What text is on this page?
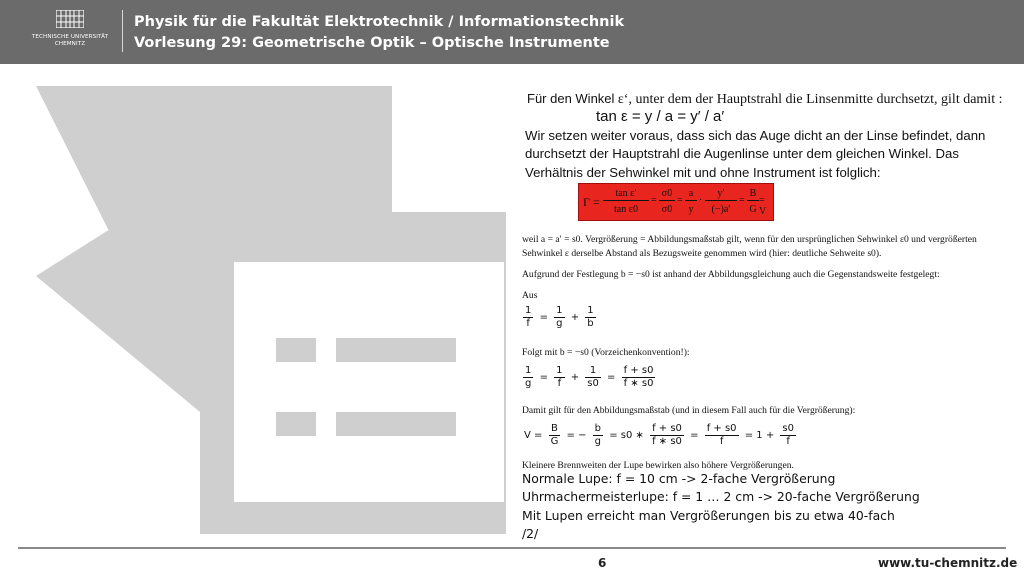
TECHNISCHE UNIVERSITÄT
CHEMNITZ
Physik für die Fakultät Elektrotechnik / Informationstechnik
Vorlesung 29: Geometrische Optik – Optische Instrumente
Für den Winkel ε‘, unter dem der Hauptstrahl die Linsenmitte durchsetzt, gilt damit :
tan ε = y / a = y′ / a′
Wir setzen weiter voraus, dass sich das Auge dicht an der Linse befindet, dann durchsetzt der Hauptstrahl die Augenlinse unter dem gleichen Winkel. Das Verhältnis der Sehwinkel mit und ohne Instrument ist folglich:
Γ =
tan ε′
tan ε0
=
σ0
σ0
=
a
y
·
y′
(−)a′
=
B
G
= V
weil a = a′ = s0. Vergrößerung = Abbildungsmaßstab gilt, wenn für den ursprünglichen Sehwinkel ε0 und vergrößerten Sehwinkel ε derselbe Abstand als Bezugsweite genommen wird (hier: deutliche Sehweite s0).
Aufgrund der Festlegung b = −s0 ist anhand der Abbildungsgleichung auch die Gegenstandsweite festgelegt:
Aus
$\frac{1}{f} = \frac{1}{g} + \frac{1}{b}$
Folgt mit b = −s0 (Vorzeichenkonvention!):
$\frac{1}{g} = \frac{1}{f} + \frac{1}{s0} = \frac{f + s0}{f ∗ s0}$
Damit gilt für den Abbildungsmaßstab (und in diesem Fall auch für die Vergrößerung):
$V = \frac{B}{G}$ = − $\frac{b}{g} = s0$ ∗ $\frac{f + s0}{f ∗ s0} = \frac{f + s0}{f} = 1 + \frac{s0}{f}$
Kleinere Brennweiten der Lupe bewirken also höhere Vergrößerungen.
Normale Lupe: f = 10 cm -> 2-fache Vergrößerung
Uhrmachermeisterlupe: f = 1 … 2 cm -> 20-fache Vergrößerung
Mit Lupen erreicht man Vergrößerungen bis zu etwa 40-fach
/2/
6	www.tu-chemnitz.de
